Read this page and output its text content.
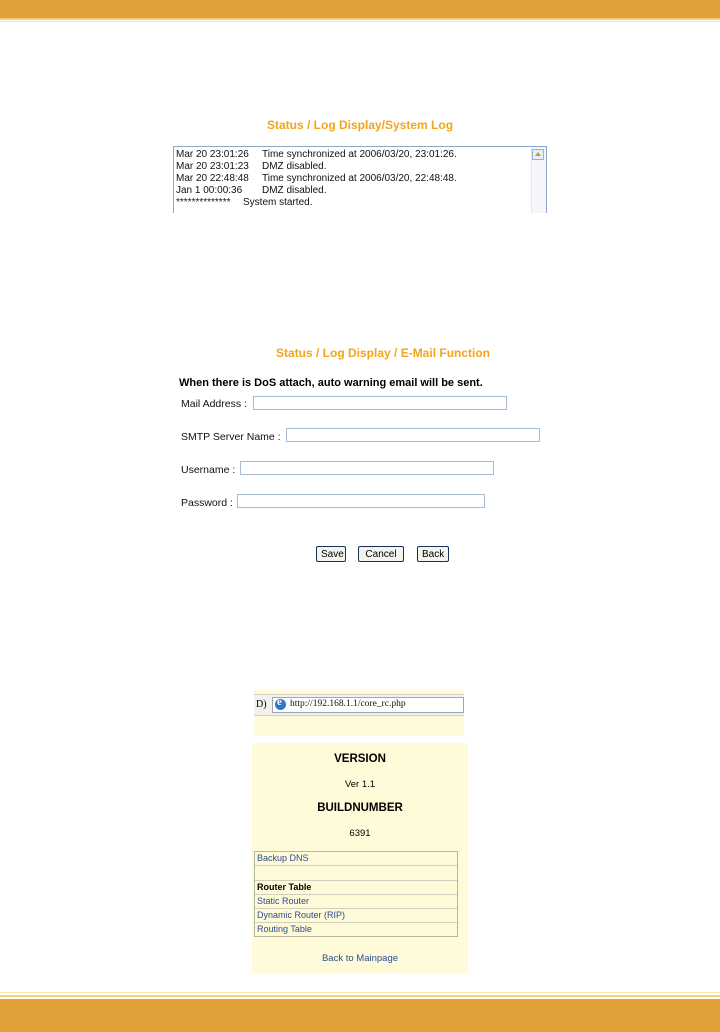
Status / Log Display/System Log
Mar 20 23:01:26 Time synchronized at 2006/03/20, 23:01:26.
Mar 20 23:01:23 DMZ disabled.
Mar 20 22:48:48 Time synchronized at 2006/03/20, 22:48:48.
Jan 1 00:00:36 DMZ disabled.
************** System started.
Status / Log Display / E-Mail Function
When there is DoS attach, auto warning email will be sent.
Mail Address :
SMTP Server Name :
Username :
Password :
Save	Cancel	Back
D)
e http://192.168.1.1/core_rc.php
VERSION
Ver 1.1
BUILDNUMBER
6391
Backup DNS
Router Table
Static Router
Dynamic Router (RIP)
Routing Table
Back to Mainpage
